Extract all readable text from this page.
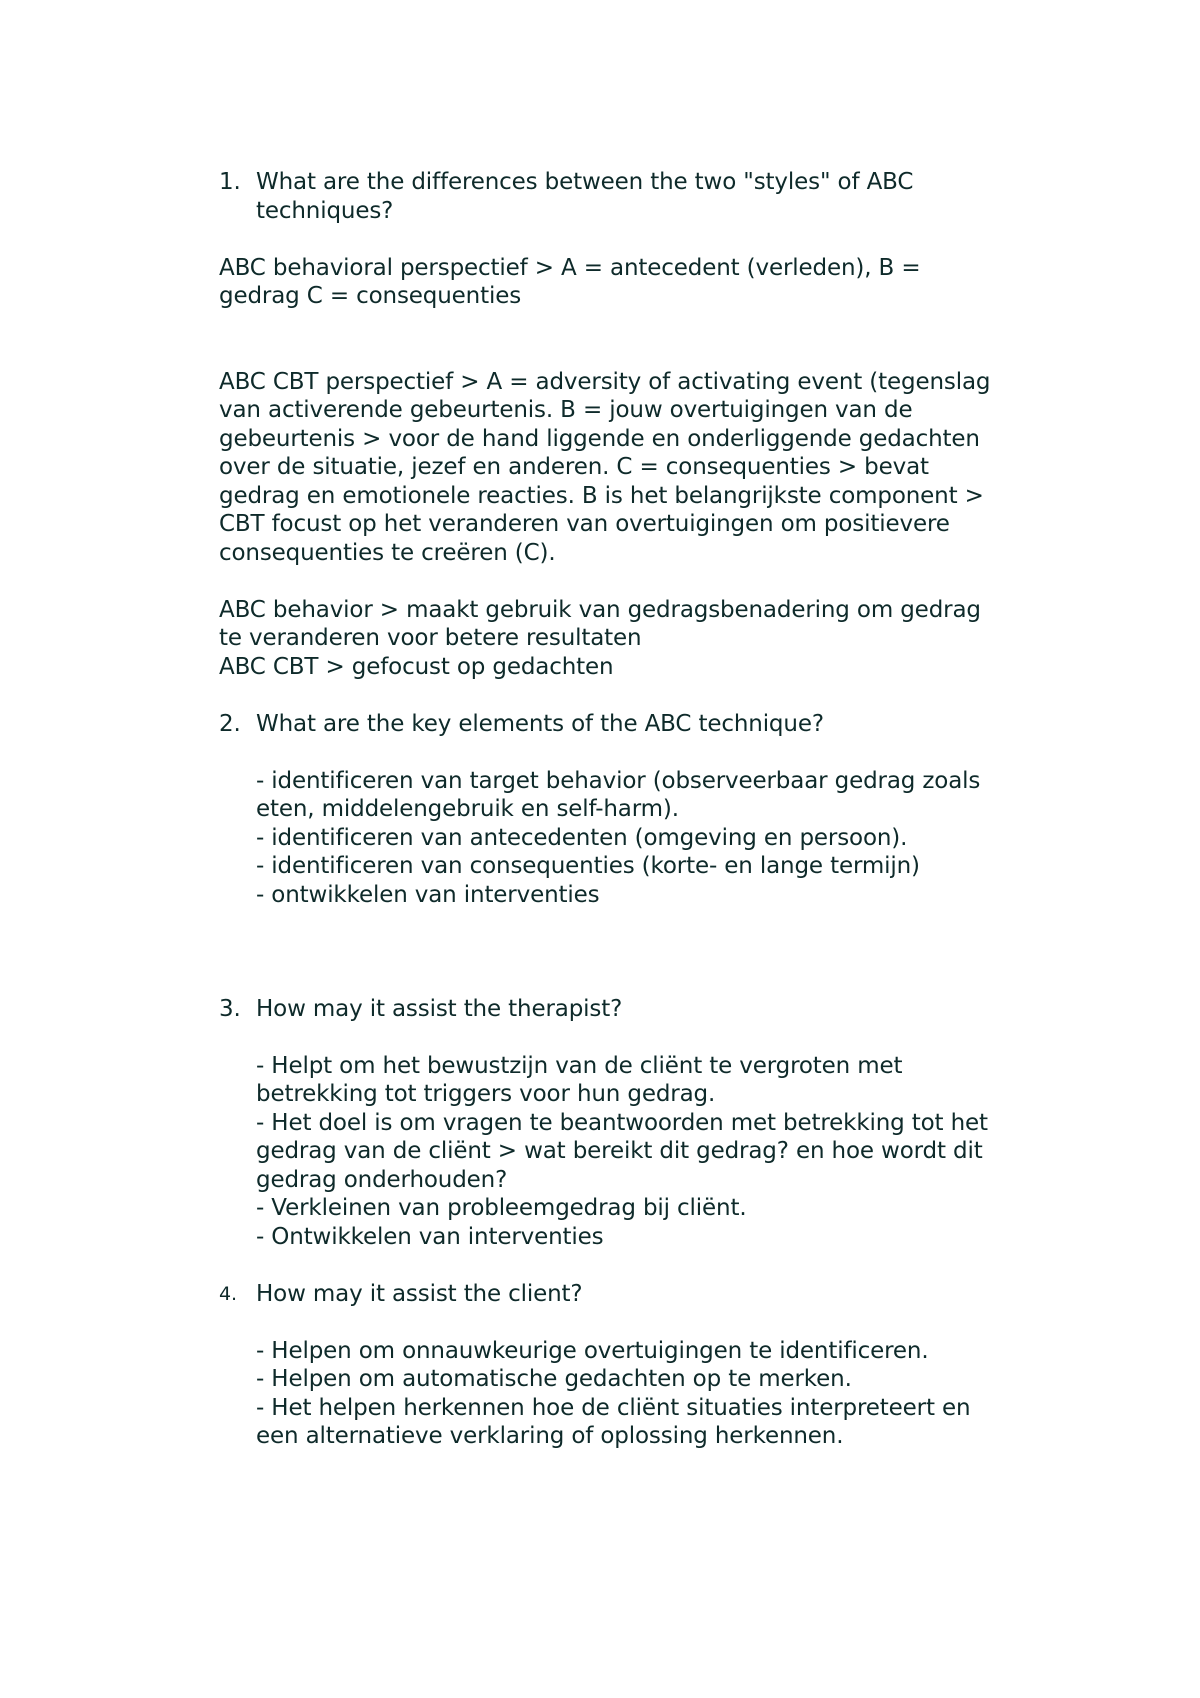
1. What are the differences between the two "styles" of ABC
techniques?
ABC behavioral perspectief > A = antecedent (verleden), B =
gedrag C = consequenties
ABC CBT perspectief > A = adversity of activating event (tegenslag
van activerende gebeurtenis. B = jouw overtuigingen van de
gebeurtenis > voor de hand liggende en onderliggende gedachten
over de situatie, jezef en anderen. C = consequenties > bevat
gedrag en emotionele reacties. B is het belangrijkste component >
CBT focust op het veranderen van overtuigingen om positievere
consequenties te creëren (C).
ABC behavior > maakt gebruik van gedragsbenadering om gedrag
te veranderen voor betere resultaten
ABC CBT > gefocust op gedachten
2. What are the key elements of the ABC technique?
- identificeren van target behavior (observeerbaar gedrag zoals
eten, middelengebruik en self-harm).
- identificeren van antecedenten (omgeving en persoon).
- identificeren van consequenties (korte- en lange termijn)
- ontwikkelen van interventies
3. How may it assist the therapist?
- Helpt om het bewustzijn van de cliënt te vergroten met
betrekking tot triggers voor hun gedrag.
- Het doel is om vragen te beantwoorden met betrekking tot het
gedrag van de cliënt > wat bereikt dit gedrag? en hoe wordt dit
gedrag onderhouden?
- Verkleinen van probleemgedrag bij cliënt.
- Ontwikkelen van interventies
4. How may it assist the client?
- Helpen om onnauwkeurige overtuigingen te identificeren.
- Helpen om automatische gedachten op te merken.
- Het helpen herkennen hoe de cliënt situaties interpreteert en
een alternatieve verklaring of oplossing herkennen.
